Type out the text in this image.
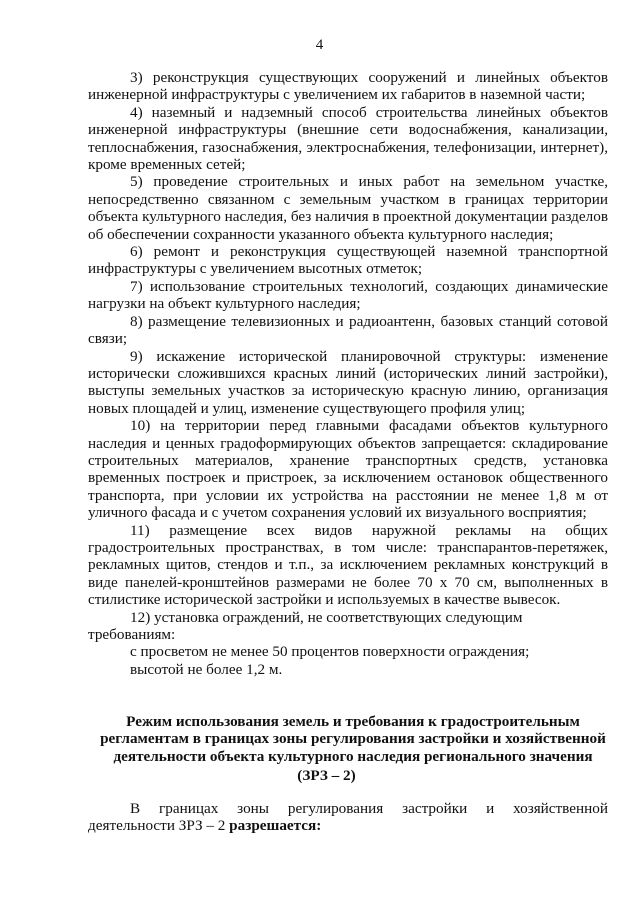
4

3) реконструкция существующих сооружений и линейных объектов инженерной инфраструктуры с увеличением их габаритов в наземной части;

4) наземный и надземный способ строительства линейных объектов инженерной инфраструктуры (внешние сети водоснабжения, канализации, теплоснабжения, газоснабжения, электроснабжения, телефонизации, интернет), кроме временных сетей;

5) проведение строительных и иных работ на земельном участке, непосредственно связанном с земельным участком в границах территории объекта культурного наследия, без наличия в проектной документации разделов об обеспечении сохранности указанного объекта культурного наследия;

6) ремонт и реконструкция существующей наземной транспортной инфраструктуры с увеличением высотных отметок;

7) использование строительных технологий, создающих динамические нагрузки на объект культурного наследия;

8) размещение телевизионных и радиоантенн, базовых станций сотовой связи;

9) искажение исторической планировочной структуры: изменение исторически сложившихся красных линий (исторических линий застройки), выступы земельных участков за историческую красную линию, организация новых площадей и улиц, изменение существующего профиля улиц;

10) на территории перед главными фасадами объектов культурного наследия и ценных градоформирующих объектов запрещается: складирование строительных материалов, хранение транспортных средств, установка временных построек и пристроек, за исключением остановок общественного транспорта, при условии их устройства на расстоянии не менее 1,8 м от уличного фасада и с учетом сохранения условий их визуального восприятия;

11) размещение всех видов наружной рекламы на общих градостроительных пространствах, в том числе: транспарантов-перетяжек, рекламных щитов, стендов и т.п., за исключением рекламных конструкций в виде панелей-кронштейнов размерами не более 70 х 70 см, выполненных в стилистике исторической застройки и используемых в качестве вывесок.

12) установка ограждений, не соответствующих следующим требованиям:

с просветом не менее 50 процентов поверхности ограждения;

высотой не более 1,2 м.

Режим использования земель и требования к градостроительным регламентам в границах зоны регулирования застройки и хозяйственной деятельности объекта культурного наследия регионального значения

(ЗРЗ – 2)

В границах зоны регулирования застройки и хозяйственной деятельности ЗРЗ – 2 разрешается:
